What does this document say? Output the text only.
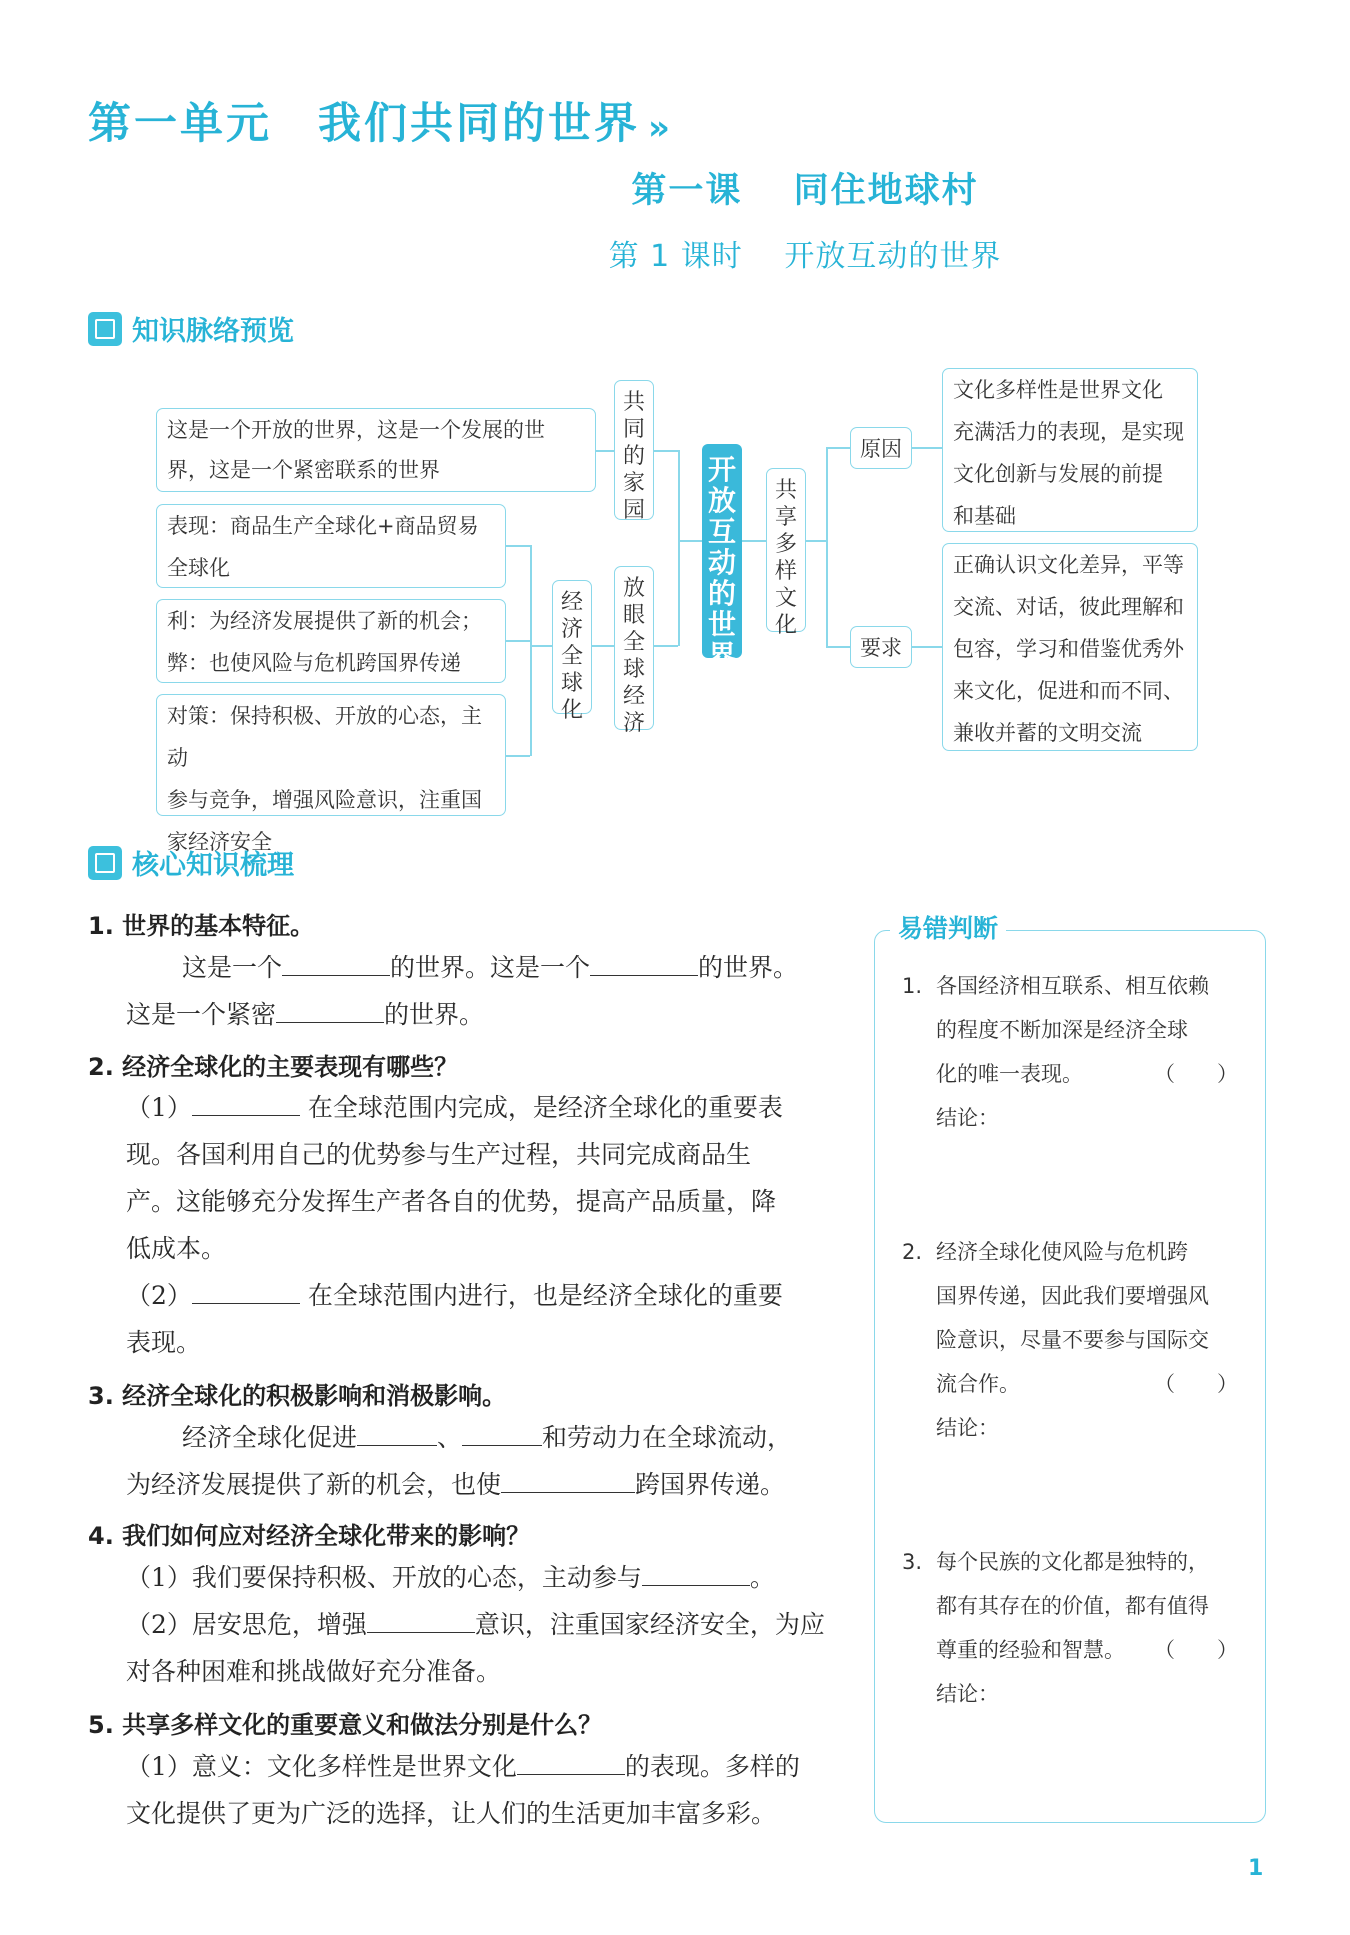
第一单元 我们共同的世界 »
第一课　 同住地球村
第 1 课时　 开放互动的世界
知识脉络预览
这是一个开放的世界，这是一个发展的世
界，这是一个紧密联系的世界
表现：商品生产全球化+商品贸易
全球化
利：为经济发展提供了新的机会；
弊：也使风险与危机跨国界传递
对策：保持积极、开放的心态，主动
参与竞争，增强风险意识，注重国
家经济安全
经济全球化
共同的家园
放眼全球经济
开放互动的世界
共享多样文化
原因
要求
文化多样性是世界文化
充满活力的表现，是实现
文化创新与发展的前提
和基础
正确认识文化差异，平等
交流、对话，彼此理解和
包容，学习和借鉴优秀外
来文化，促进和而不同、
兼收并蓄的文明交流
核心知识梳理
1. 世界的基本特征。
这是一个	的世界。这是一个	的世界。
这是一个紧密	的世界。
2. 经济全球化的主要表现有哪些？
（1）	在全球范围内完成，是经济全球化的重要表
现。各国利用自己的优势参与生产过程，共同完成商品生
产。这能够充分发挥生产者各自的优势，提高产品质量，降
低成本。
（2）	在全球范围内进行，也是经济全球化的重要
表现。
3. 经济全球化的积极影响和消极影响。
经济全球化促进	、	和劳动力在全球流动，
为经济发展提供了新的机会，也使	跨国界传递。
4. 我们如何应对经济全球化带来的影响？
（1）我们要保持积极、开放的心态，主动参与	。
（2）居安思危，增强	意识，注重国家经济安全，为应
对各种困难和挑战做好充分准备。
5. 共享多样文化的重要意义和做法分别是什么？
（1）意义：文化多样性是世界文化	的表现。多样的
文化提供了更为广泛的选择，让人们的生活更加丰富多彩。
易错判断
1. 各国经济相互联系、相互依赖
的程度不断加深是经济全球
化的唯一表现。	（　　）
结论：
2. 经济全球化使风险与危机跨
国界传递，因此我们要增强风
险意识，尽量不要参与国际交
流合作。	（　　）
结论：
3. 每个民族的文化都是独特的，
都有其存在的价值，都有值得
尊重的经验和智慧。 （　　）
结论：
1
